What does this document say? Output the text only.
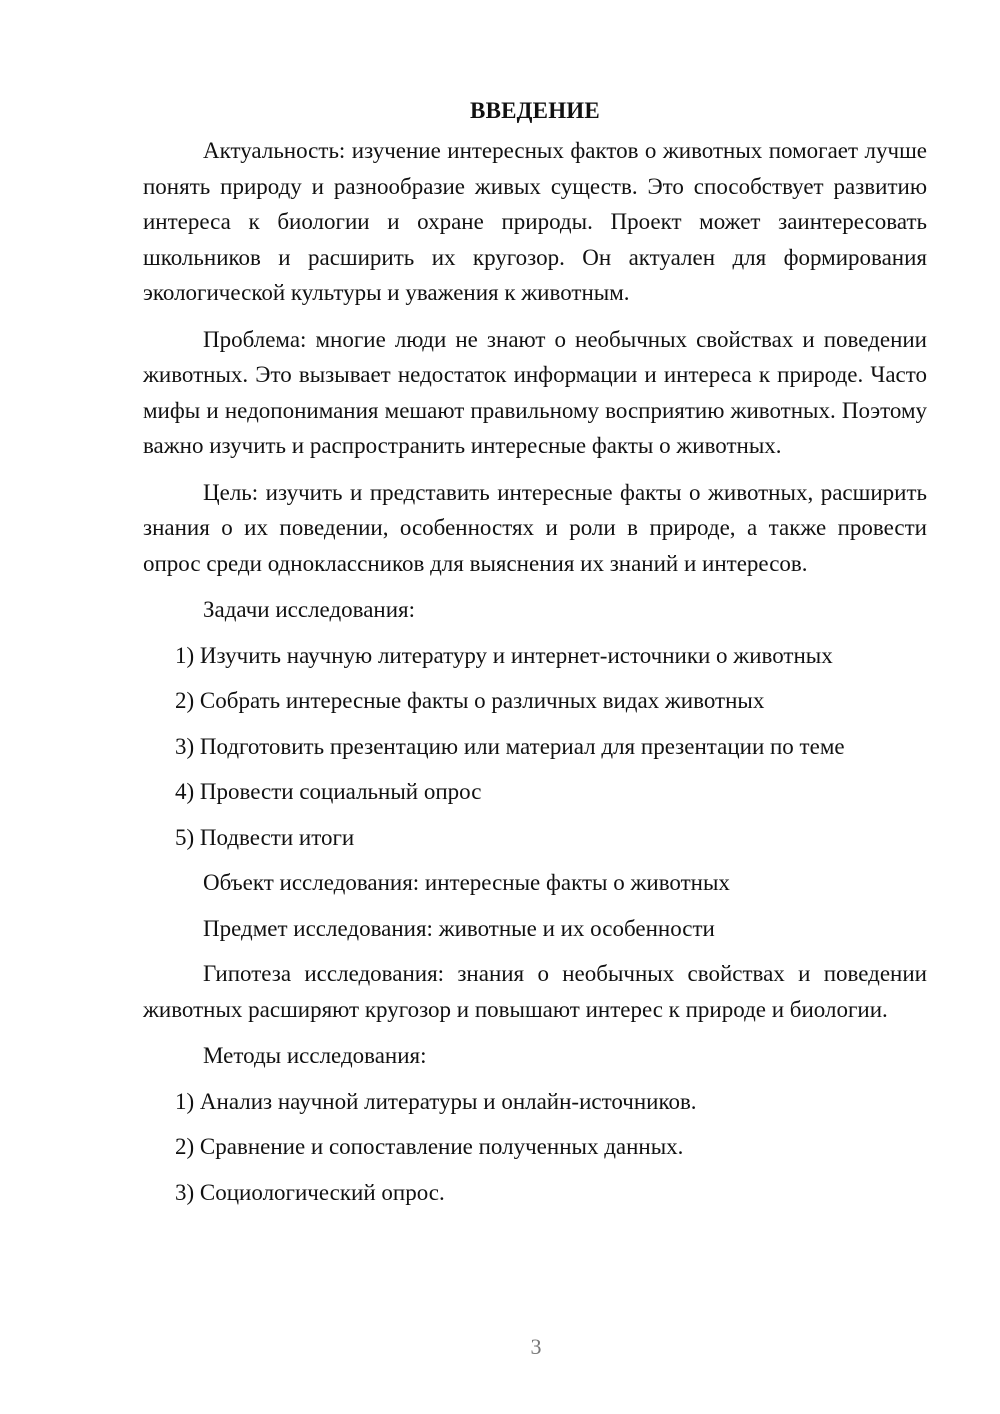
ВВЕДЕНИЕ

Актуальность: изучение интересных фактов о животных помогает лучше понять природу и разнообразие живых существ. Это способствует развитию интереса к биологии и охране природы. Проект может заинтересовать школьников и расширить их кругозор. Он актуален для формирования экологической культуры и уважения к животным.

Проблема: многие люди не знают о необычных свойствах и поведении животных. Это вызывает недостаток информации и интереса к природе. Часто мифы и недопонимания мешают правильному восприятию животных. Поэтому важно изучить и распространить интересные факты о животных.

Цель: изучить и представить интересные факты о животных, расширить знания о их поведении, особенностях и роли в природе, а также провести опрос среди одноклассников для выяснения их знаний и интересов.

Задачи исследования:

1) Изучить научную литературу и интернет-источники о животных

2) Собрать интересные факты о различных видах животных

3) Подготовить презентацию или материал для презентации по теме

4) Провести социальный опрос

5) Подвести итоги

Объект исследования: интересные факты о животных

Предмет исследования: животные и их особенности

Гипотеза исследования: знания о необычных свойствах и поведении животных расширяют кругозор и повышают интерес к природе и биологии.

Методы исследования:

1) Анализ научной литературы и онлайн-источников.

2) Сравнение и сопоставление полученных данных.

3) Социологический опрос.

3
